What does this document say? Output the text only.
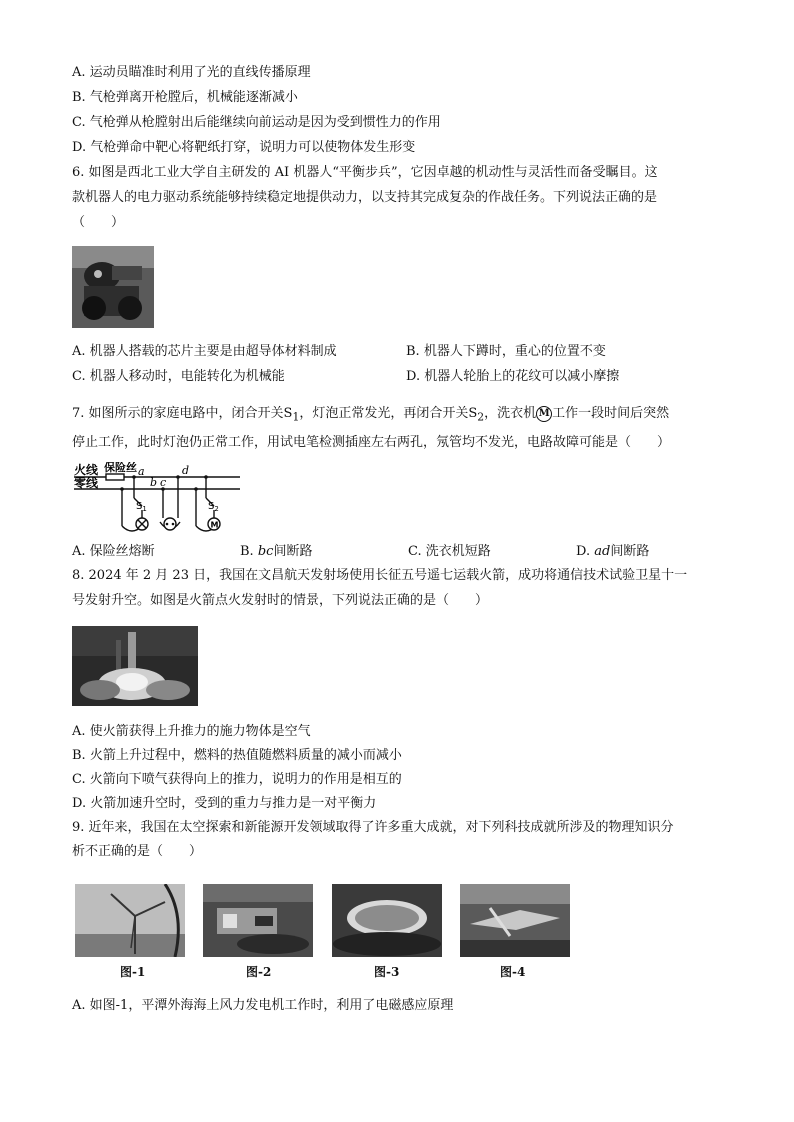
A. 运动员瞄准时利用了光的直线传播原理
B. 气枪弹离开枪膛后，机械能逐渐减小
C. 气枪弹从枪膛射出后能继续向前运动是因为受到惯性力的作用
D. 气枪弹命中靶心将靶纸打穿，说明力可以使物体发生形变
6. 如图是西北工业大学自主研发的 AI 机器人“平衡步兵”，它因卓越的机动性与灵活性而备受瞩目。这
款机器人的电力驱动系统能够持续稳定地提供动力，以支持其完成复杂的作战任务。下列说法正确的是
（　　）
A. 机器人搭载的芯片主要是由超导体材料制成	B. 机器人下蹲时，重心的位置不变
C. 机器人移动时，电能转化为机械能	D. 机器人轮胎上的花纹可以减小摩擦
7. 如图所示的家庭电路中，闭合开关$S_1$，灯泡正常发光，再闭合开关$S_2$，洗衣机 M 工作一段时间后突然
停止工作，此时灯泡仍正常工作，用试电笔检测插座左右两孔，氖管均不发光，电路故障可能是（　　）
火线
零线
保险丝 a
b c
d
$S_1$	$S_2$
M
A. 保险丝熔断	B. bc间断路	C. 洗衣机短路	D. ad间断路
8. 2024 年 2 月 23 日，我国在文昌航天发射场使用长征五号遥七运载火箭，成功将通信技术试验卫星十一
号发射升空。如图是火箭点火发射时的情景，下列说法正确的是（　　）
A. 使火箭获得上升推力的施力物体是空气
B. 火箭上升过程中，燃料的热值随燃料质量的减小而减小
C. 火箭向下喷气获得向上的推力，说明力的作用是相互的
D. 火箭加速升空时，受到的重力与推力是一对平衡力
9. 近年来，我国在太空探索和新能源开发领域取得了许多重大成就，对下列科技成就所涉及的物理知识分
析不正确的是（　　）
图-1	图-2	图-3	图-4
A. 如图-1，平潭外海海上风力发电机工作时，利用了电磁感应原理
